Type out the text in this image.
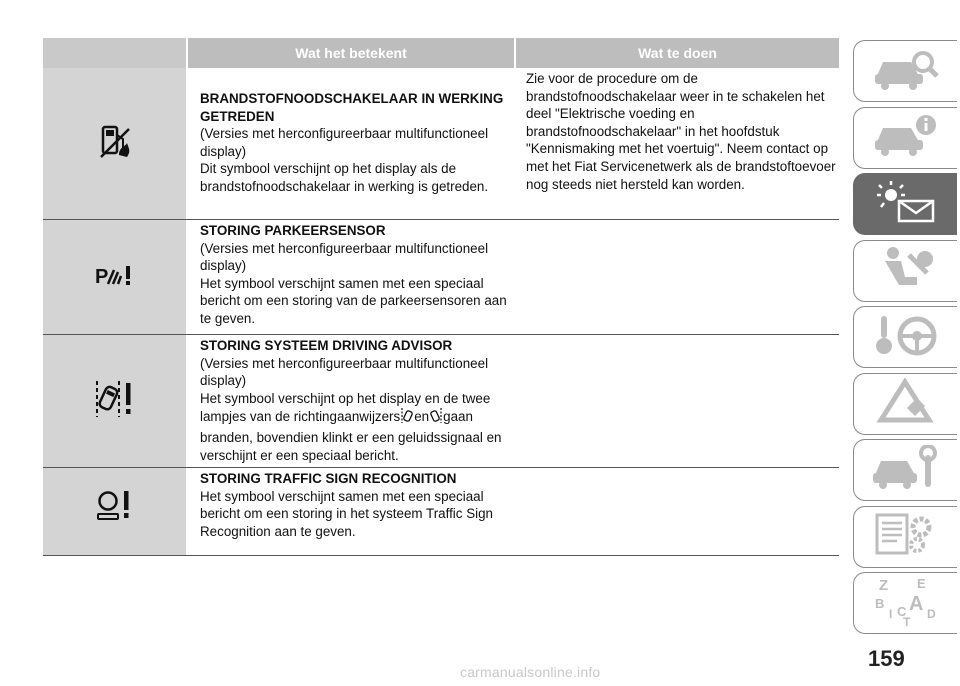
Wat het betekent	Wat te doen
BRANDSTOFNOODSCHAKELAAR IN WERKING GETREDEN
(Versies met herconfigureerbaar multifunctioneel display)
Dit symbool verschijnt op het display als de brandstofnoodschakelaar in werking is getreden.
Zie voor de procedure om de brandstofnoodschakelaar weer in te schakelen het deel "Elektrische voeding en brandstofnoodschakelaar" in het hoofdstuk "Kennismaking met het voertuig". Neem contact op met het Fiat Servicenetwerk als de brandstoftoevoer nog steeds niet hersteld kan worden.
P
STORING PARKEERSENSOR
(Versies met herconfigureerbaar multifunctioneel display)
Het symbool verschijnt samen met een speciaal bericht om een storing van de parkeersensoren aan te geven.
STORING SYSTEEM DRIVING ADVISOR
(Versies met herconfigureerbaar multifunctioneel display)
Het symbool verschijnt op het display en de twee lampjes van de richtingaanwijzers en gaan branden, bovendien klinkt er een geluidssignaal en verschijnt er een speciaal bericht.
STORING TRAFFIC SIGN RECOGNITION
Het symbool verschijnt samen met een speciaal bericht om een storing in het systeem Traffic Sign Recognition aan te geven.
Z E
B A
I C D
T
159
carmanualsonline.info
